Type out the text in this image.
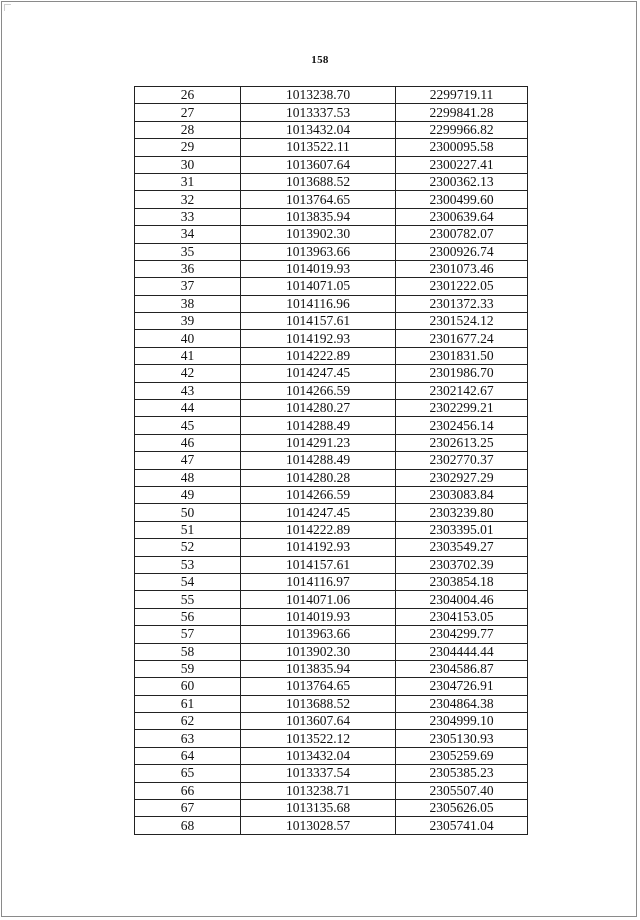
158
26	1013238.70	2299719.11
27	1013337.53	2299841.28
28	1013432.04	2299966.82
29	1013522.11	2300095.58
30	1013607.64	2300227.41
31	1013688.52	2300362.13
32	1013764.65	2300499.60
33	1013835.94	2300639.64
34	1013902.30	2300782.07
35	1013963.66	2300926.74
36	1014019.93	2301073.46
37	1014071.05	2301222.05
38	1014116.96	2301372.33
39	1014157.61	2301524.12
40	1014192.93	2301677.24
41	1014222.89	2301831.50
42	1014247.45	2301986.70
43	1014266.59	2302142.67
44	1014280.27	2302299.21
45	1014288.49	2302456.14
46	1014291.23	2302613.25
47	1014288.49	2302770.37
48	1014280.28	2302927.29
49	1014266.59	2303083.84
50	1014247.45	2303239.80
51	1014222.89	2303395.01
52	1014192.93	2303549.27
53	1014157.61	2303702.39
54	1014116.97	2303854.18
55	1014071.06	2304004.46
56	1014019.93	2304153.05
57	1013963.66	2304299.77
58	1013902.30	2304444.44
59	1013835.94	2304586.87
60	1013764.65	2304726.91
61	1013688.52	2304864.38
62	1013607.64	2304999.10
63	1013522.12	2305130.93
64	1013432.04	2305259.69
65	1013337.54	2305385.23
66	1013238.71	2305507.40
67	1013135.68	2305626.05
68	1013028.57	2305741.04
